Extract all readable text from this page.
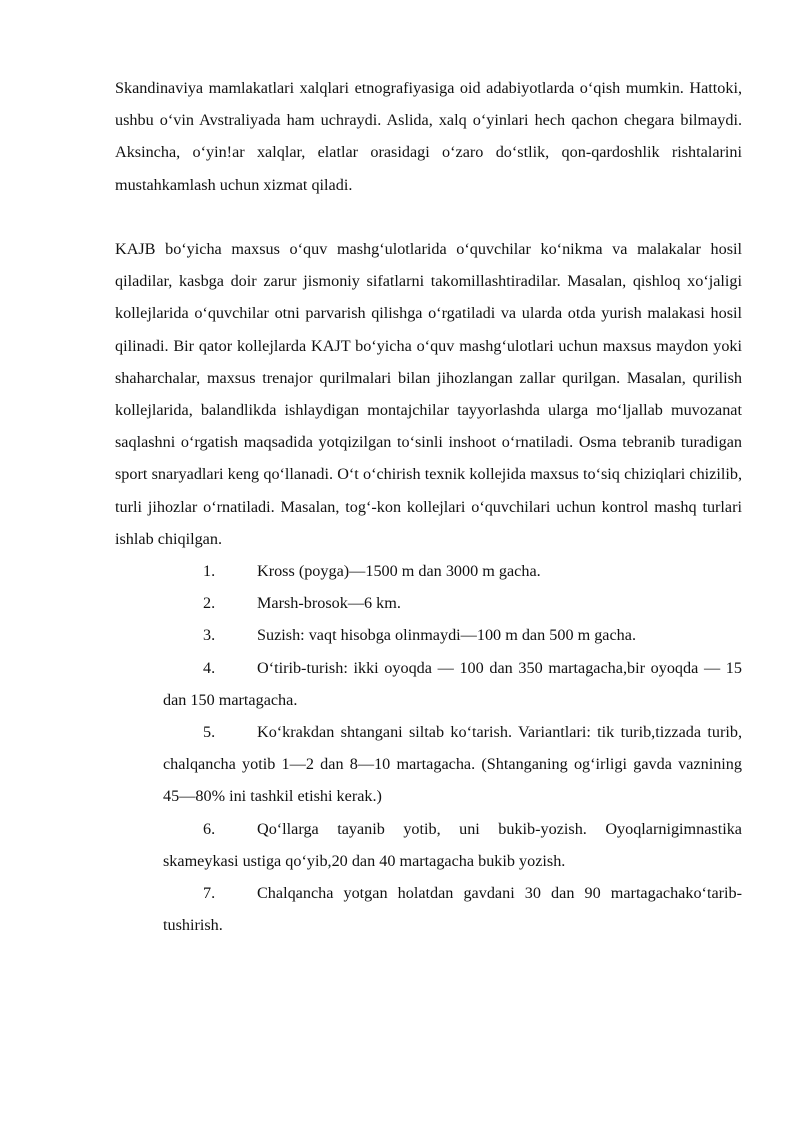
Skandinaviya mamlakatlari xalqlari etnografiyasiga oid adabiyotlarda o‘qish mumkin. Hattoki, ushbu o‘vin Avstraliyada ham uchraydi. Aslida, xalq o‘yinlari hech qachon chegara bilmaydi. Aksincha, o‘yin!ar xalqlar, elatlar orasidagi o‘zaro do‘stlik, qon-qardoshlik rishtalarini mustahkamlash uchun xizmat qiladi.

KAJB bo‘yicha maxsus o‘quv mashg‘ulotlarida o‘quvchilar ko‘nikma va malakalar hosil qiladilar, kasbga doir zarur jismoniy sifatlarni takomillashtiradilar. Masalan, qishloq xo‘jaligi kollejlarida o‘quvchilar otni parvarish qilishga o‘rgatiladi va ularda otda yurish malakasi hosil qilinadi. Bir qator kollejlarda KAJT bo‘yicha o‘quv mashg‘ulotlari uchun maxsus maydon yoki shaharchalar, maxsus trenajor qurilmalari bilan jihozlangan zallar qurilgan. Masalan, qurilish kollejlarida, balandlikda ishlaydigan montajchilar tayyorlashda ularga mo‘ljallab muvozanat saqlashni o‘rgatish maqsadida yotqizilgan to‘sinli inshoot o‘rnatiladi. Osma tebranib turadigan sport snaryadlari keng qo‘llanadi. O‘t o‘chirish texnik kollejida maxsus to‘siq chiziqlari chizilib, turli jihozlar o‘rnatiladi. Masalan, tog‘-kon kollejlari o‘quvchilari uchun kontrol mashq turlari ishlab chiqilgan.

1.	Kross (poyga)—1500 m dan 3000 m gacha.
2.	Marsh-brosok—6 km.
3.	Suzish: vaqt hisobga olinmaydi—100 m dan 500 m gacha.
4.	O‘tirib-turish: ikki oyoqda — 100 dan 350 martagacha,bir oyoqda — 15 dan 150 martagacha.
5.	Ko‘krakdan shtangani siltab ko‘tarish. Variantlari: tik turib,tizzada turib, chalqancha yotib 1—2 dan 8—10 martagacha. (Shtanganing og‘irligi gavda vaznining 45—80% ini tashkil etishi kerak.)
6.	Qo‘llarga tayanib yotib, uni bukib-yozish. Oyoqlarnigimnastika skameykasi ustiga qo‘yib,20 dan 40 martagacha bukib yozish.
7.	Chalqancha yotgan holatdan gavdani 30 dan 90 martagachako‘tarib-tushirish.
